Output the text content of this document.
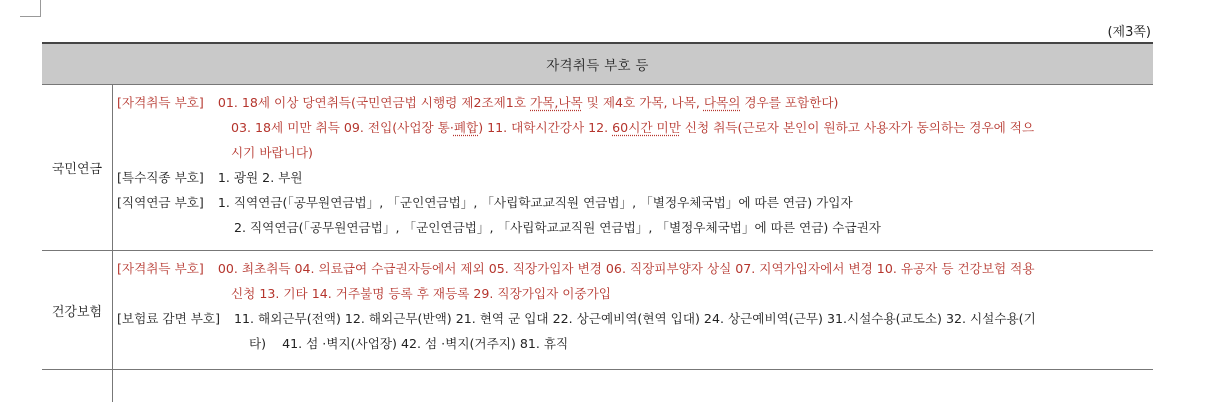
(제3쪽)
자격취득 부호 등
국민연금
[자격취득 부호]	01. 18세 이상 당연취득(국민연금법 시행령 제2조제1호 가목,나목 및 제4호 가목, 나목, 다목의 경우를 포함한다)
03. 18세 미만 취득 09. 전입(사업장 통·폐합) 11. 대학시간강사 12. 60시간 미만 신청 취득(근로자 본인이 원하고 사용자가 동의하는 경우에 적으
시기 바랍니다)
[특수직종 부호]	1. 광원 2. 부원
[직역연금 부호]	1. 직역연금(「공무원연금법」, 「군인연금법」, 「사립학교교직원 연금법」, 「별정우체국법」에 따른 연금) 가입자
2. 직역연금(「공무원연금법」, 「군인연금법」, 「사립학교교직원 연금법」, 「별정우체국법」에 따른 연금) 수급권자
건강보험
[자격취득 부호]	00. 최초취득 04. 의료급여 수급권자등에서 제외 05. 직장가입자 변경 06. 직장피부양자 상실 07. 지역가입자에서 변경 10. 유공자 등 건강보험 적용
신청 13. 기타 14. 거주불명 등록 후 재등록 29. 직장가입자 이중가입
[보험료 감면 부호]	11. 해외근무(전액) 12. 해외근무(반액) 21. 현역 군 입대 22. 상근예비역(현역 입대) 24. 상근예비역(근무) 31.시설수용(교도소) 32. 시설수용(기
타)    41. 섬 ·벽지(사업장) 42. 섬 ·벽지(거주지) 81. 휴직
